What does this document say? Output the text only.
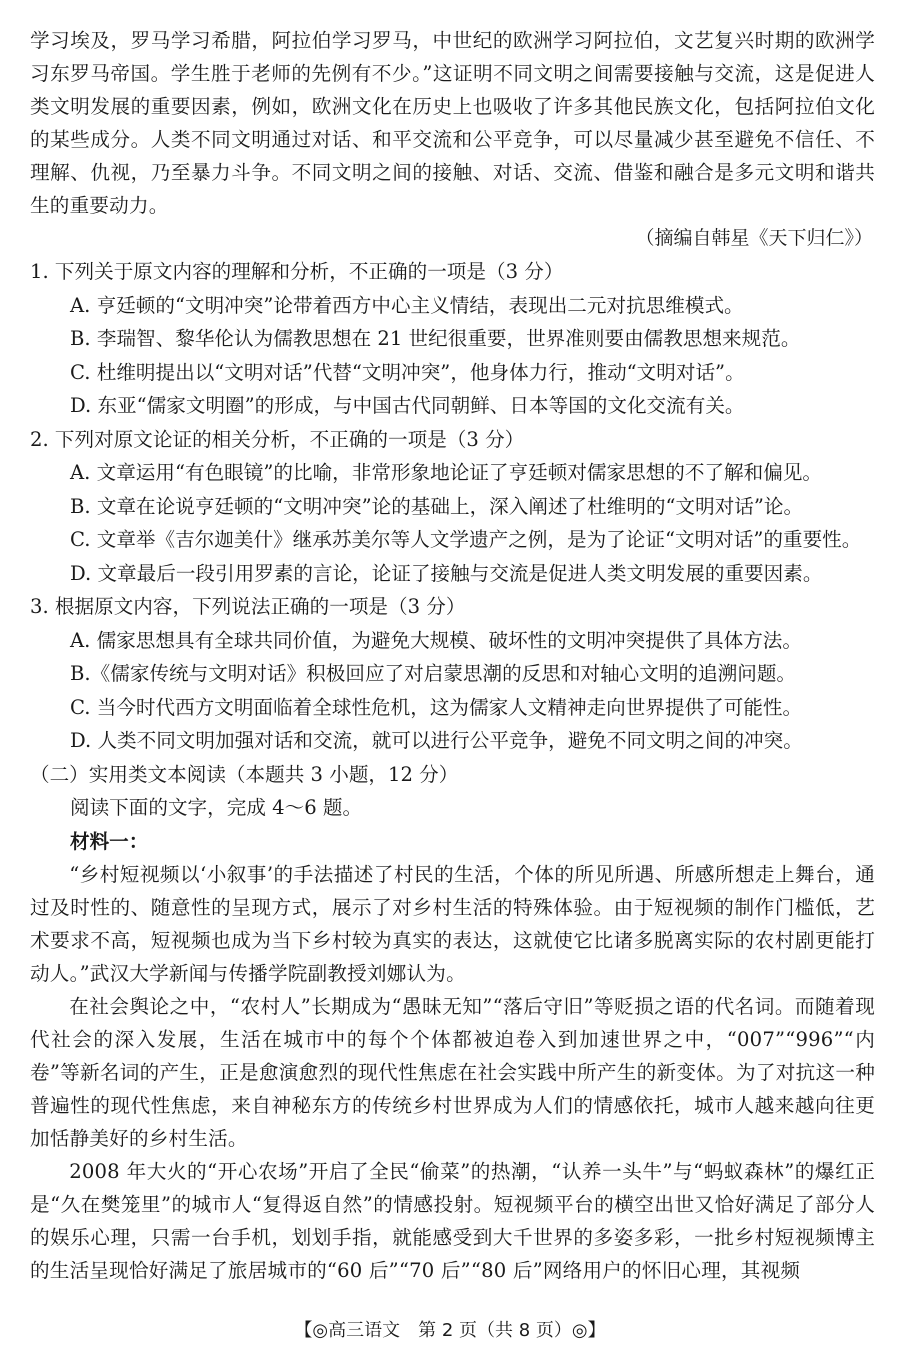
学习埃及，罗马学习希腊，阿拉伯学习罗马，中世纪的欧洲学习阿拉伯，文艺复兴时期的欧洲学习东罗马帝国。学生胜于老师的先例有不少。”这证明不同文明之间需要接触与交流，这是促进人类文明发展的重要因素，例如，欧洲文化在历史上也吸收了许多其他民族文化，包括阿拉伯文化的某些成分。人类不同文明通过对话、和平交流和公平竞争，可以尽量减少甚至避免不信任、不理解、仇视，乃至暴力斗争。不同文明之间的接触、对话、交流、借鉴和融合是多元文明和谐共生的重要动力。

（摘编自韩星《天下归仁》）

1. 下列关于原文内容的理解和分析，不正确的一项是（3 分）

A. 亨廷顿的“文明冲突”论带着西方中心主义情结，表现出二元对抗思维模式。

B. 李瑞智、黎华伦认为儒教思想在 21 世纪很重要，世界准则要由儒教思想来规范。

C. 杜维明提出以“文明对话”代替“文明冲突”，他身体力行，推动“文明对话”。

D. 东亚“儒家文明圈”的形成，与中国古代同朝鲜、日本等国的文化交流有关。

2. 下列对原文论证的相关分析，不正确的一项是（3 分）

A. 文章运用“有色眼镜”的比喻，非常形象地论证了亨廷顿对儒家思想的不了解和偏见。

B. 文章在论说亨廷顿的“文明冲突”论的基础上，深入阐述了杜维明的“文明对话”论。

C. 文章举《吉尔迦美什》继承苏美尔等人文学遗产之例，是为了论证“文明对话”的重要性。

D. 文章最后一段引用罗素的言论，论证了接触与交流是促进人类文明发展的重要因素。

3. 根据原文内容，下列说法正确的一项是（3 分）

A. 儒家思想具有全球共同价值，为避免大规模、破坏性的文明冲突提供了具体方法。

B.《儒家传统与文明对话》积极回应了对启蒙思潮的反思和对轴心文明的追溯问题。

C. 当今时代西方文明面临着全球性危机，这为儒家人文精神走向世界提供了可能性。

D. 人类不同文明加强对话和交流，就可以进行公平竞争，避免不同文明之间的冲突。

（二）实用类文本阅读（本题共 3 小题，12 分）

阅读下面的文字，完成 4～6 题。

材料一：

“乡村短视频以‘小叙事’的手法描述了村民的生活，个体的所见所遇、所感所想走上舞台，通过及时性的、随意性的呈现方式，展示了对乡村生活的特殊体验。由于短视频的制作门槛低，艺术要求不高，短视频也成为当下乡村较为真实的表达，这就使它比诸多脱离实际的农村剧更能打动人。”武汉大学新闻与传播学院副教授刘娜认为。

在社会舆论之中，“农村人”长期成为“愚昧无知”“落后守旧”等贬损之语的代名词。而随着现代社会的深入发展，生活在城市中的每个个体都被迫卷入到加速世界之中，“007”“996”“内卷”等新名词的产生，正是愈演愈烈的现代性焦虑在社会实践中所产生的新变体。为了对抗这一种普遍性的现代性焦虑，来自神秘东方的传统乡村世界成为人们的情感依托，城市人越来越向往更加恬静美好的乡村生活。

2008 年大火的“开心农场”开启了全民“偷菜”的热潮，“认养一头牛”与“蚂蚁森林”的爆红正是“久在樊笼里”的城市人“复得返自然”的情感投射。短视频平台的横空出世又恰好满足了部分人的娱乐心理，只需一台手机，划划手指，就能感受到大千世界的多姿多彩，一批乡村短视频博主的生活呈现恰好满足了旅居城市的“60 后”“70 后”“80 后”网络用户的怀旧心理，其视频

【◎高三语文　第 2 页（共 8 页）◎】
